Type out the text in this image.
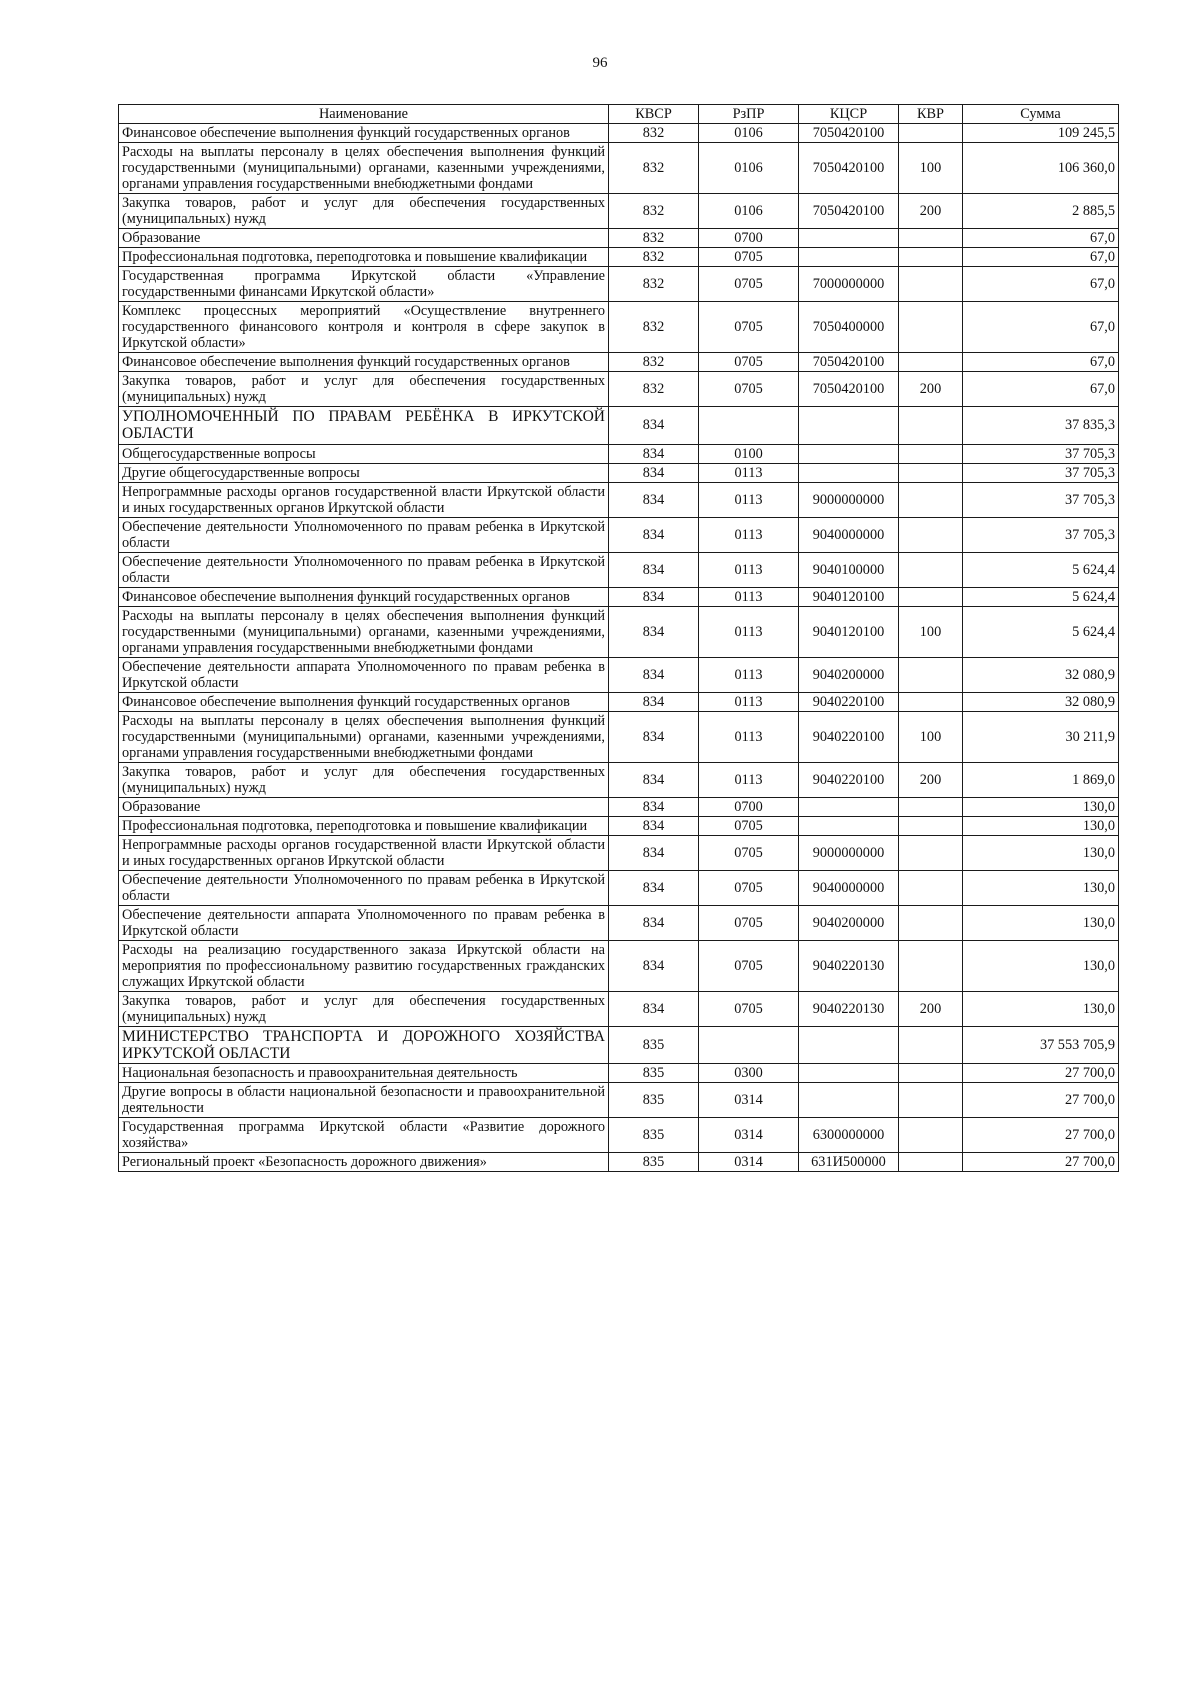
96
Наименование	КВСР	РзПР	КЦСР	КВР	Сумма
Финансовое обеспечение выполнения функций государственных органов	832	0106	7050420100		109 245,5
Расходы на выплаты персоналу в целях обеспечения выполнения функций государственными (муниципальными) органами, казенными учреждениями, органами управления государственными внебюджетными фондами	832	0106	7050420100	100	106 360,0
Закупка товаров, работ и услуг для обеспечения государственных (муниципальных) нужд	832	0106	7050420100	200	2 885,5
Образование	832	0700			67,0
Профессиональная подготовка, переподготовка и повышение квалификации	832	0705			67,0
Государственная программа Иркутской области «Управление государственными финансами Иркутской области»	832	0705	7000000000		67,0
Комплекс процессных мероприятий «Осуществление внутреннего государственного финансового контроля и контроля в сфере закупок в Иркутской области»	832	0705	7050400000		67,0
Финансовое обеспечение выполнения функций государственных органов	832	0705	7050420100		67,0
Закупка товаров, работ и услуг для обеспечения государственных (муниципальных) нужд	832	0705	7050420100	200	67,0
УПОЛНОМОЧЕННЫЙ ПО ПРАВАМ РЕБЁНКА В ИРКУТСКОЙ ОБЛАСТИ	834				37 835,3
Общегосударственные вопросы	834	0100			37 705,3
Другие общегосударственные вопросы	834	0113			37 705,3
Непрограммные расходы органов государственной власти Иркутской области и иных государственных органов Иркутской области	834	0113	9000000000		37 705,3
Обеспечение деятельности Уполномоченного по правам ребенка в Иркутской области	834	0113	9040000000		37 705,3
Обеспечение деятельности Уполномоченного по правам ребенка в Иркутской области	834	0113	9040100000		5 624,4
Финансовое обеспечение выполнения функций государственных органов	834	0113	9040120100		5 624,4
Расходы на выплаты персоналу в целях обеспечения выполнения функций государственными (муниципальными) органами, казенными учреждениями, органами управления государственными внебюджетными фондами	834	0113	9040120100	100	5 624,4
Обеспечение деятельности аппарата Уполномоченного по правам ребенка в Иркутской области	834	0113	9040200000		32 080,9
Финансовое обеспечение выполнения функций государственных органов	834	0113	9040220100		32 080,9
Расходы на выплаты персоналу в целях обеспечения выполнения функций государственными (муниципальными) органами, казенными учреждениями, органами управления государственными внебюджетными фондами	834	0113	9040220100	100	30 211,9
Закупка товаров, работ и услуг для обеспечения государственных (муниципальных) нужд	834	0113	9040220100	200	1 869,0
Образование	834	0700			130,0
Профессиональная подготовка, переподготовка и повышение квалификации	834	0705			130,0
Непрограммные расходы органов государственной власти Иркутской области и иных государственных органов Иркутской области	834	0705	9000000000		130,0
Обеспечение деятельности Уполномоченного по правам ребенка в Иркутской области	834	0705	9040000000		130,0
Обеспечение деятельности аппарата Уполномоченного по правам ребенка в Иркутской области	834	0705	9040200000		130,0
Расходы на реализацию государственного заказа Иркутской области на мероприятия по профессиональному развитию государственных гражданских служащих Иркутской области	834	0705	9040220130		130,0
Закупка товаров, работ и услуг для обеспечения государственных (муниципальных) нужд	834	0705	9040220130	200	130,0
МИНИСТЕРСТВО ТРАНСПОРТА И ДОРОЖНОГО ХОЗЯЙСТВА ИРКУТСКОЙ ОБЛАСТИ	835				37 553 705,9
Национальная безопасность и правоохранительная деятельность	835	0300			27 700,0
Другие вопросы в области национальной безопасности и правоохранительной деятельности	835	0314			27 700,0
Государственная программа Иркутской области «Развитие дорожного хозяйства»	835	0314	6300000000		27 700,0
Региональный проект «Безопасность дорожного движения»	835	0314	631И500000		27 700,0
